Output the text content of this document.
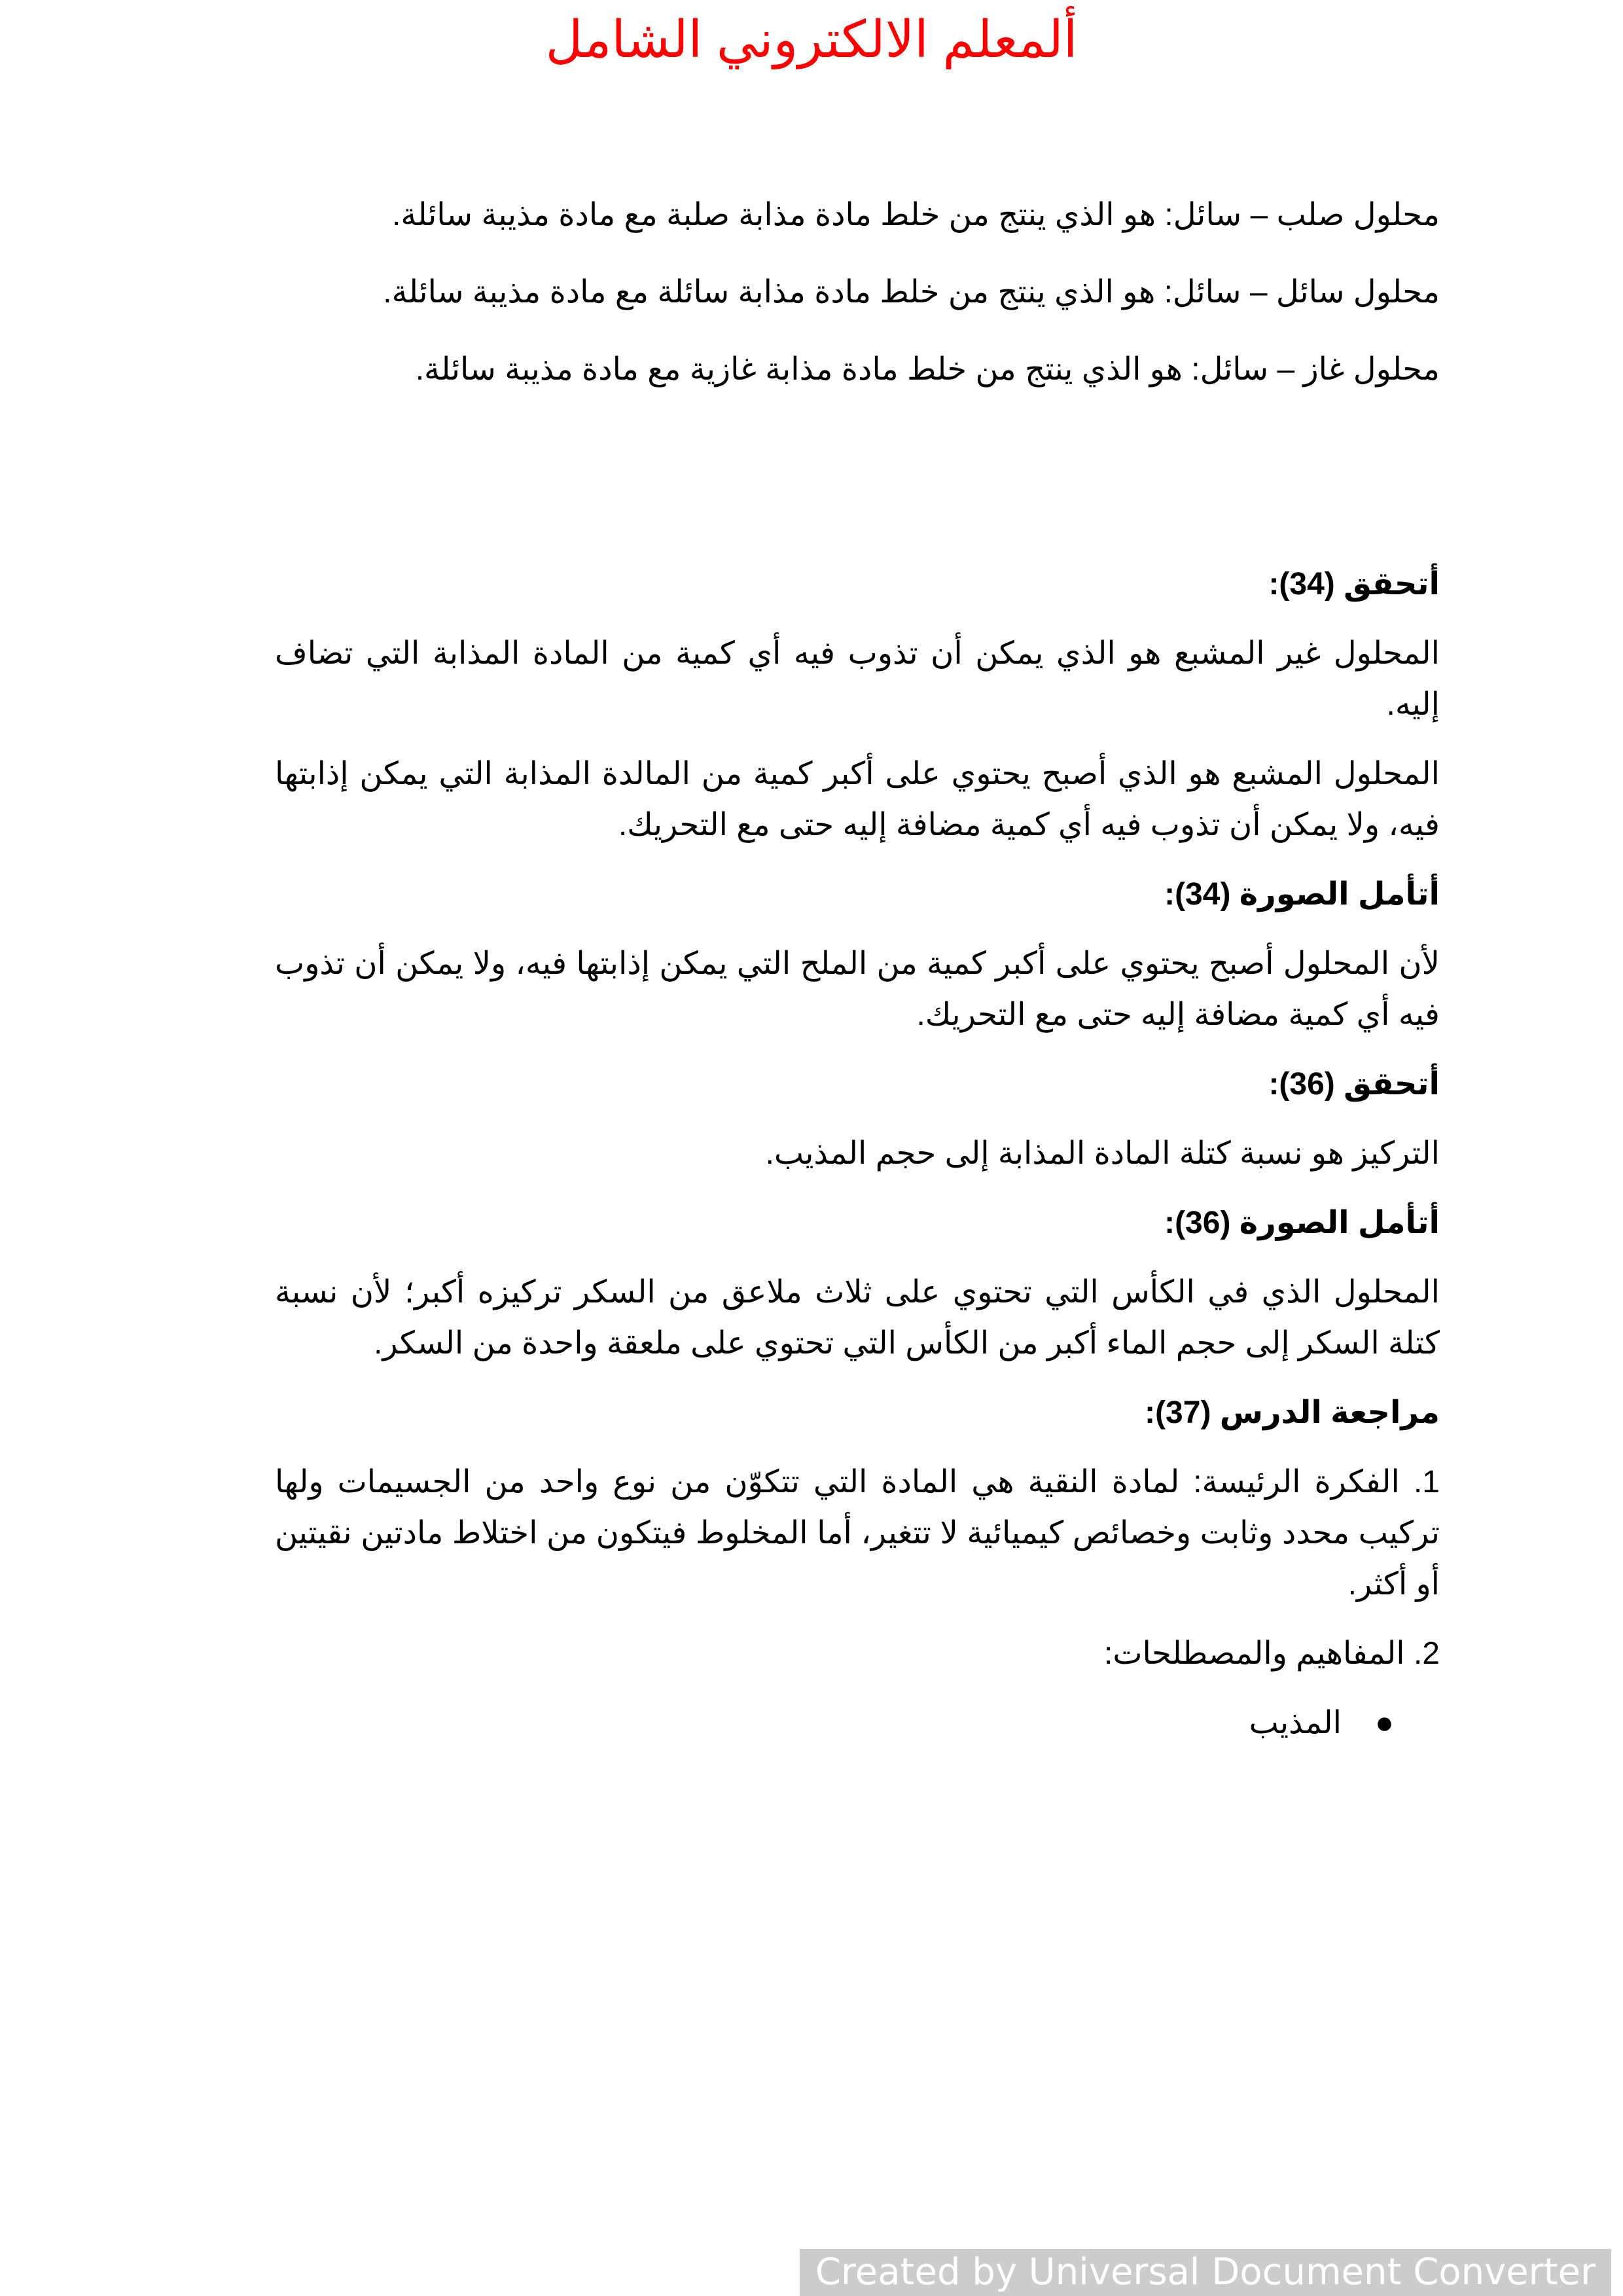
ألمعلم الالكتروني الشامل

محلول صلب – سائل: هو الذي ينتج من خلط مادة مذابة صلبة مع مادة مذيبة سائلة.

محلول سائل – سائل: هو الذي ينتج من خلط مادة مذابة سائلة مع مادة مذيبة سائلة.

محلول غاز – سائل: هو الذي ينتج من خلط مادة مذابة غازية مع مادة مذيبة سائلة.

أتحقق (34):

المحلول غير المشبع هو الذي يمكن أن تذوب فيه أي كمية من المادة المذابة التي تضاف إليه.

المحلول المشبع هو الذي أصبح يحتوي على أكبر كمية من المالدة المذابة التي يمكن إذابتها فيه، ولا يمكن أن تذوب فيه أي كمية مضافة إليه حتى مع التحريك.

أتأمل الصورة (34):

لأن المحلول أصبح يحتوي على أكبر كمية من الملح التي يمكن إذابتها فيه، ولا يمكن أن تذوب فيه أي كمية مضافة إليه حتى مع التحريك.

أتحقق (36):

التركيز هو نسبة كتلة المادة المذابة إلى حجم المذيب.

أتأمل الصورة (36):

المحلول الذي في الكأس التي تحتوي على ثلاث ملاعق من السكر تركيزه أكبر؛ لأن نسبة كتلة السكر إلى حجم الماء أكبر من الكأس التي تحتوي على ملعقة واحدة من السكر.

مراجعة الدرس (37):

1. الفكرة الرئيسة: لمادة النقية هي المادة التي تتكوّن من نوع واحد من الجسيمات ولها تركيب محدد وثابت وخصائص كيميائية لا تتغير، أما المخلوط فيتكون من اختلاط مادتين نقيتين أو أكثر.

2. المفاهيم والمصطلحات:

●
المذيب
Created by Universal Document Converter
